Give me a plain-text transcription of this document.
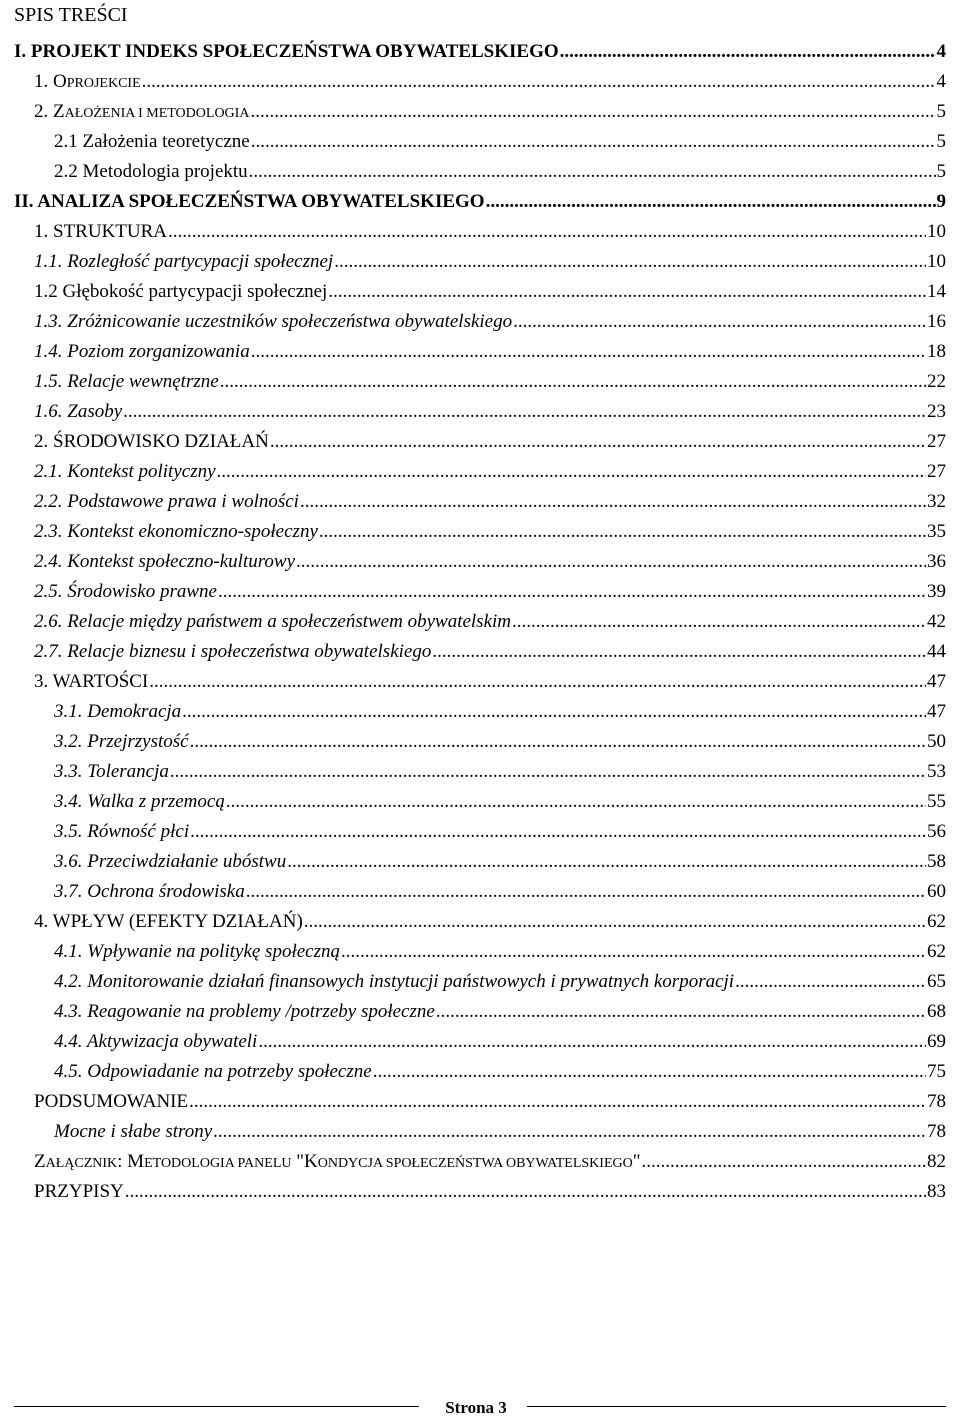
SPIS TREŚCI
I. PROJEKT INDEKS SPOŁECZEŃSTWA OBYWATELSKIEGO .....	4
1. OPROJEKCIE .....	4
2. ZAŁOŻENIA I METODOLOGIA .....	5
2.1 Założenia teoretyczne .....	5
2.2 Metodologia projektu .....	5
II. ANALIZA SPOŁECZEŃSTWA OBYWATELSKIEGO .....	9
1. STRUKTURA .....	10
1.1. Rozległość partycypacji społecznej .....	10
1.2 Głębokość partycypacji społecznej .....	14
1.3. Zróżnicowanie uczestników społeczeństwa obywatelskiego .....	16
1.4. Poziom zorganizowania .....	18
1.5. Relacje wewnętrzne .....	22
1.6. Zasoby .....	23
2. ŚRODOWISKO DZIAŁAŃ .....	27
2.1. Kontekst polityczny .....	27
2.2. Podstawowe prawa i wolności .....	32
2.3. Kontekst ekonomiczno-społeczny .....	35
2.4. Kontekst społeczno-kulturowy .....	36
2.5. Środowisko prawne .....	39
2.6. Relacje między państwem a społeczeństwem obywatelskim .....	42
2.7. Relacje biznesu i społeczeństwa obywatelskiego .....	44
3. WARTOŚCI .....	47
3.1. Demokracja .....	47
3.2. Przejrzystość .....	50
3.3. Tolerancja .....	53
3.4. Walka z przemocą .....	55
3.5. Równość płci .....	56
3.6. Przeciwdziałanie ubóstwu .....	58
3.7. Ochrona środowiska .....	60
4. WPŁYW (EFEKTY DZIAŁAŃ) .....	62
4.1. Wpływanie na politykę społeczną .....	62
4.2. Monitorowanie działań finansowych instytucji państwowych i prywatnych korporacji .....	65
4.3. Reagowanie na problemy /potrzeby społeczne .....	68
4.4. Aktywizacja obywateli .....	69
4.5. Odpowiadanie na potrzeby społeczne .....	75
PODSUMOWANIE .....	78
Mocne i słabe strony .....	78
ZAŁĄCZNIK: METODOLOGIA PANELU "KONDYCJA SPOŁECZEŃSTWA OBYWATELSKIEGO" .....	82
PRZYPISY .....	83
Strona 3
